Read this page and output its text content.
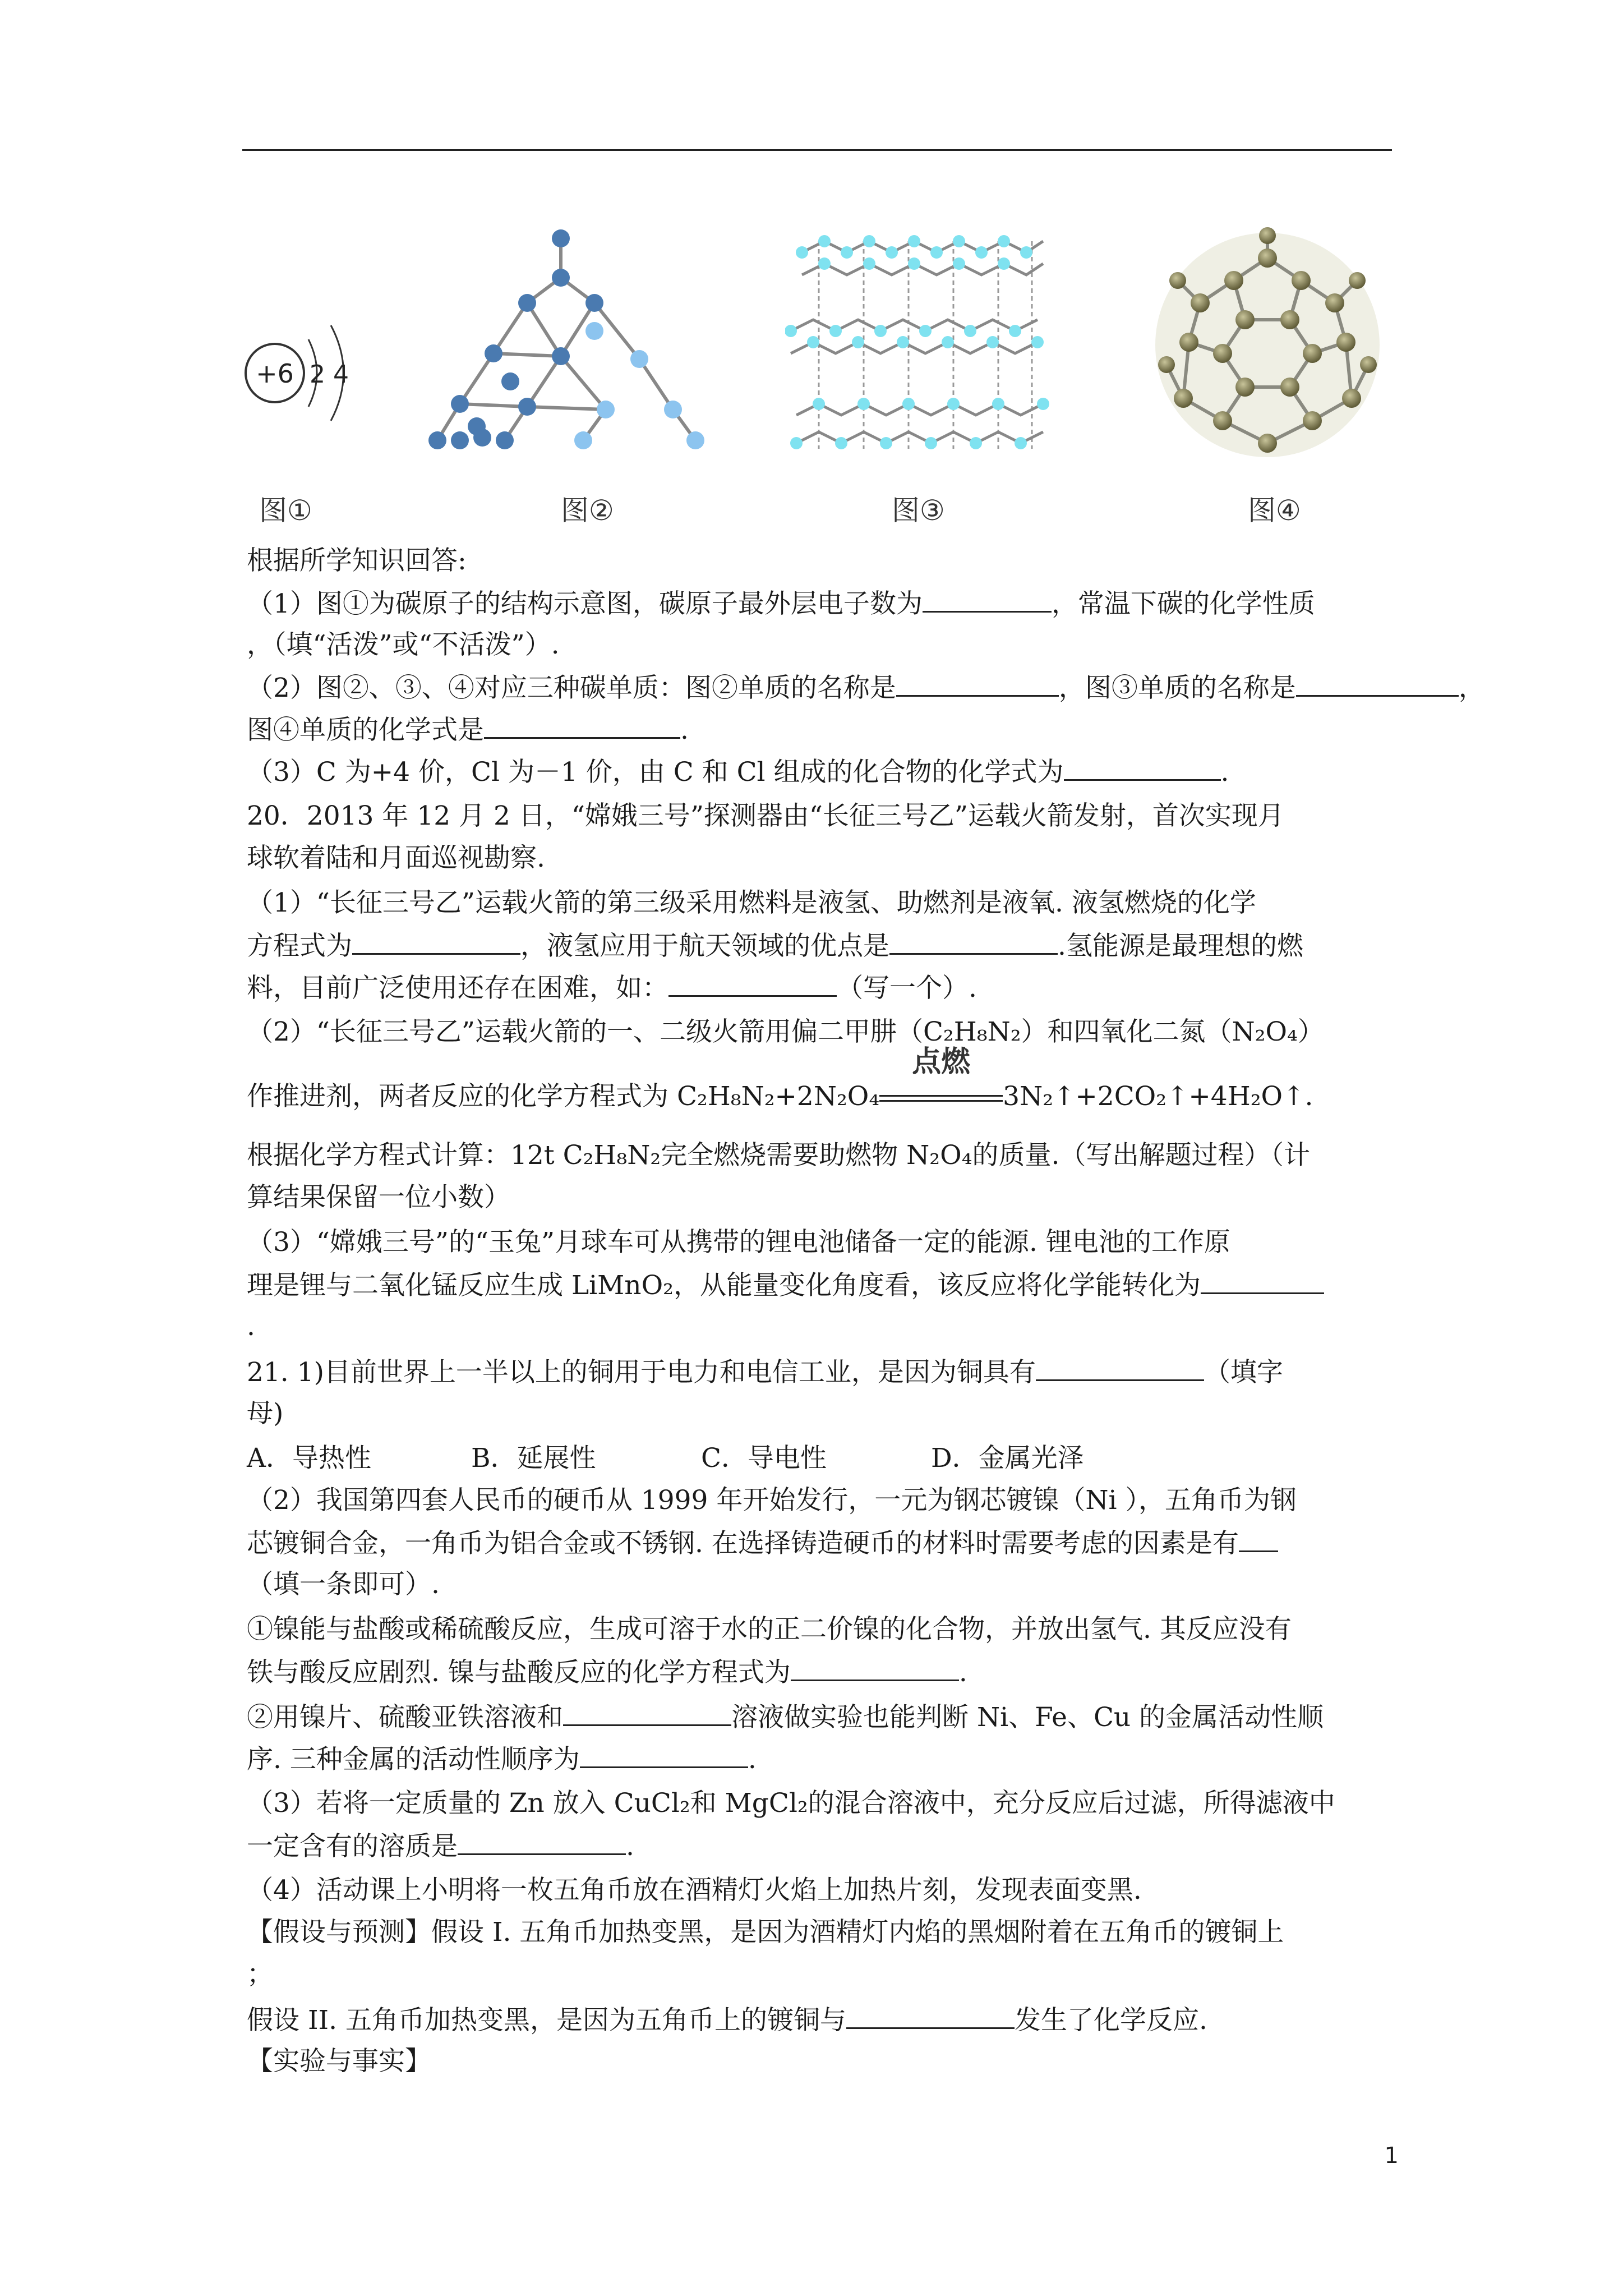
+6 2 4
图①	图②	图③	图④
根据所学知识回答:
（1）图①为碳原子的结构示意图，碳原子最外层电子数为	，常温下碳的化学性质
，（填“活泼”或“不活泼”）.
（2）图②、③、④对应三种碳单质：图②单质的名称是	，图③单质的名称是	，
图④单质的化学式是	.
（3）C 为+4 价，Cl 为－1 价，由 C 和 Cl 组成的化合物的化学式为	.
20．2013 年 12 月 2 日，“嫦娥三号”探测器由“长征三号乙”运载火箭发射，首次实现月
球软着陆和月面巡视勘察.
（1）“长征三号乙”运载火箭的第三级采用燃料是液氢、助燃剂是液氧. 液氢燃烧的化学
方程式为	，液氢应用于航天领域的优点是	.氢能源是最理想的燃
料，目前广泛使用还存在困难，如：	（写一个）.
（2）“长征三号乙”运载火箭的一、二级火箭用偏二甲肼（C₂H₈N₂）和四氧化二氮（N₂O₄）
作推进剂，两者反应的化学方程式为 C₂H₈N₂+2N₂O₄
点燃
3N₂↑+2CO₂↑+4H₂O↑.
根据化学方程式计算：12t C₂H₈N₂完全燃烧需要助燃物 N₂O₄的质量.（写出解题过程）（计
算结果保留一位小数）
（3）“嫦娥三号”的“玉兔”月球车可从携带的锂电池储备一定的能源. 锂电池的工作原
理是锂与二氧化锰反应生成 LiMnO₂，从能量变化角度看，该反应将化学能转化为
.
21. 1)目前世界上一半以上的铜用于电力和电信工业，是因为铜具有	（填字
母)
A．导热性	B．延展性	C．导电性	D．金属光泽
（2）我国第四套人民币的硬币从 1999 年开始发行，一元为钢芯镀镍（Ni ），五角币为钢
芯镀铜合金，一角币为铝合金或不锈钢. 在选择铸造硬币的材料时需要考虑的因素是有
（填一条即可）.
①镍能与盐酸或稀硫酸反应，生成可溶于水的正二价镍的化合物，并放出氢气. 其反应没有
铁与酸反应剧烈. 镍与盐酸反应的化学方程式为	.
②用镍片、硫酸亚铁溶液和	溶液做实验也能判断 Ni、Fe、Cu 的金属活动性顺
序. 三种金属的活动性顺序为	.
（3）若将一定质量的 Zn 放入 CuCl₂和 MgCl₂的混合溶液中，充分反应后过滤，所得滤液中
一定含有的溶质是	.
（4）活动课上小明将一枚五角币放在酒精灯火焰上加热片刻，发现表面变黑.
【假设与预测】假设 I. 五角币加热变黑，是因为酒精灯内焰的黑烟附着在五角币的镀铜上
；
假设 II. 五角币加热变黑，是因为五角币上的镀铜与	发生了化学反应.
【实验与事实】
1
